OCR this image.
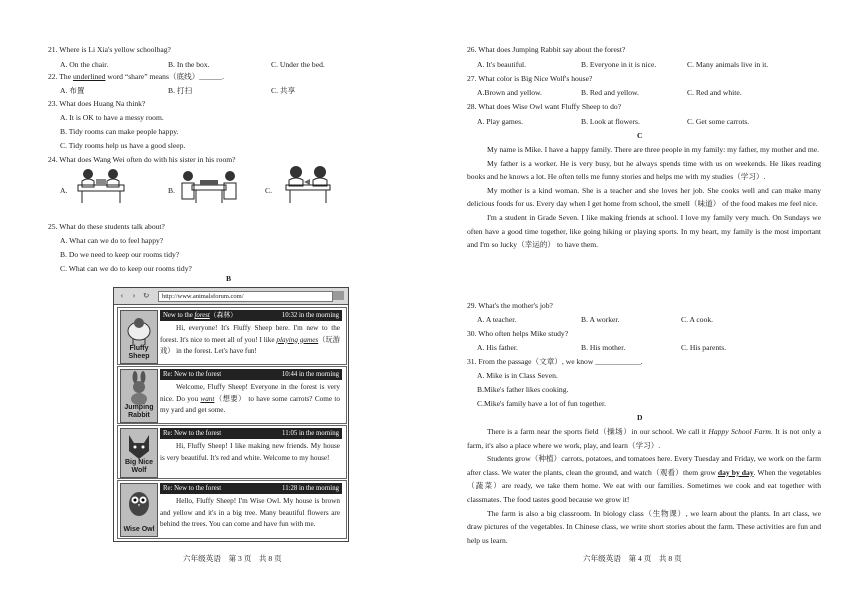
21. Where is Li Xia's yellow schoolbag?
A. On the chair.	B. In the box.	C. Under the bed.
22. The underlined word “share” means（底线）______.
A. 布置	B. 打扫	C. 共享
23. What does Huang Na think?
A. It is OK to have a messy room.
B. Tidy rooms can make people happy.
C. Tidy rooms help us have a good sleep.
24. What does Wang Wei often do with his sister in his room?
A.	B.	C.
25. What do these students talk about?
A. What can we do to feel happy?
B. Do we need to keep our rooms tidy?
C. What can we do to keep our rooms tidy?
B
‹	› ↻	http://www.animalsforum.com/
Fluffy Sheep
New to the forest（森林）	10:32 in the morning
Hi, everyone! It's Fluffy Sheep here. I'm new to the forest. It's nice to meet all of you! I like playing games（玩游戏） in the forest. Let's have fun!
Jumping Rabbit
Re: New to the forest	10:44 in the morning
Welcome, Fluffy Sheep! Everyone in the forest is very nice. Do you want（想要） to have some carrots? Come to my yard and get some.
Big Nice Wolf
Re: New to the forest	11:05 in the morning
Hi, Fluffy Sheep! I like making new friends. My house is very beautiful. It's red and white. Welcome to my house!
Wise Owl
Re: New to the forest	11:28 in the morning
Hello, Fluffy Sheep! I'm Wise Owl. My house is brown and yellow and it's in a big tree. Many beautiful flowers are behind the trees. You can come and have fun with me.
六年级英语　第 3 页　共 8 页
26. What does Jumping Rabbit say about the forest?
A. It's beautiful.	B. Everyone in it is nice.	C. Many animals live in it.
27. What color is Big Nice Wolf's house?
A.Brown and yellow.	B. Red and yellow.	C. Red and white.
28. What does Wise Owl want Fluffy Sheep to do?
A. Play games.	B. Look at flowers.	C. Get some carrots.
C

My name is Mike. I have a happy family. There are three people in my family: my father, my mother and me.

My father is a worker. He is very busy, but he always spends time with us on weekends. He likes reading books and he knows a lot. He often tells me funny stories and helps me with my studies（学习）.

My mother is a kind woman. She is a teacher and she loves her job. She cooks well and can make many delicious foods for us. Every day when I get home from school, the smell（味道） of the food makes me feel nice.

I'm a student in Grade Seven. I like making friends at school. I love my family very much. On Sundays we often have a good time together, like going hiking or playing sports. In my heart, my family is the most important and I'm so lucky（幸运的） to have them.

29. What's the mother's job?
A. A teacher.	B. A worker.	C. A cook.
30. Who often helps Mike study?
A. His father.	B. His mother.	C. His parents.
31. From the passage（文章）, we know ____________.
A. Mike is in Class Seven.
B.Mike's father likes cooking.
C.Mike's family have a lot of fun together.
D

There is a farm near the sports field（操场）in our school. We call it Happy School Farm. It is not only a farm, it's also a place where we work, play, and learn（学习）.

Students grow（种植）carrots, potatoes, and tomatoes here. Every Tuesday and Friday, we work on the farm after class. We water the plants, clean the ground, and watch（观看）them grow day by day. When the vegetables（蔬菜）are ready, we take them home. We eat with our families. Sometimes we cook and eat together with classmates. The food tastes good because we grow it!

The farm is also a big classroom. In biology class（生物课）, we learn about the plants. In art class, we draw pictures of the vegetables. In Chinese class, we write short stories about the farm. These activities are fun and help us learn.

六年级英语　第 4 页　共 8 页
